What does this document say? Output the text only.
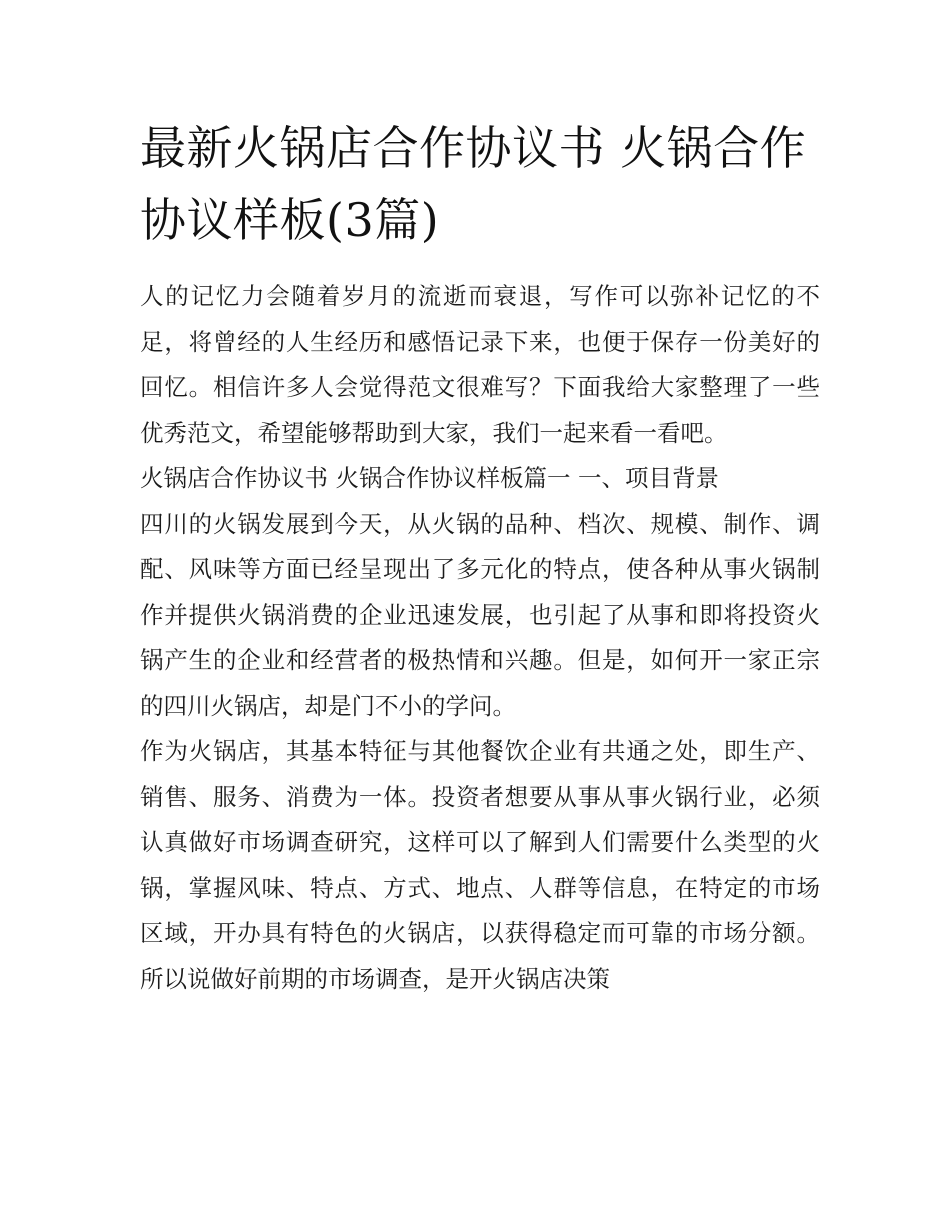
最新火锅店合作协议书 火锅合作协议样板(3篇)

人的记忆力会随着岁月的流逝而衰退，写作可以弥补记忆的不足，将曾经的人生经历和感悟记录下来，也便于保存一份美好的回忆。相信许多人会觉得范文很难写？下面我给大家整理了一些优秀范文，希望能够帮助到大家，我们一起来看一看吧。

火锅店合作协议书 火锅合作协议样板篇一 一、项目背景

四川的火锅发展到今天，从火锅的品种、档次、规模、制作、调配、风味等方面已经呈现出了多元化的特点，使各种从事火锅制作并提供火锅消费的企业迅速发展，也引起了从事和即将投资火锅产生的企业和经营者的极热情和兴趣。但是，如何开一家正宗的四川火锅店，却是门不小的学问。

作为火锅店，其基本特征与其他餐饮企业有共通之处，即生产、销售、服务、消费为一体。投资者想要从事从事火锅行业，必须认真做好市场调查研究，这样可以了解到人们需要什么类型的火锅，掌握风味、特点、方式、地点、人群等信息，在特定的市场区域，开办具有特色的火锅店，以获得稳定而可靠的市场分额。所以说做好前期的市场调查，是开火锅店决策
